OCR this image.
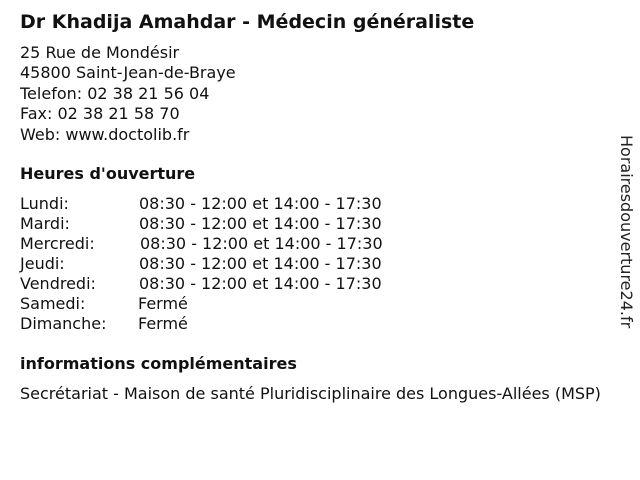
Dr Khadija Amahdar - Médecin généraliste
25 Rue de Mondésir
45800 Saint-Jean-de-Braye
Telefon: 02 38 21 56 04
Fax: 02 38 21 58 70
Web: www.doctolib.fr
Heures d'ouverture
Lundi:	08:30 - 12:00 et 14:00 - 17:30
Mardi:	08:30 - 12:00 et 14:00 - 17:30
Mercredi:	08:30 - 12:00 et 14:00 - 17:30
Jeudi:	08:30 - 12:00 et 14:00 - 17:30
Vendredi:	08:30 - 12:00 et 14:00 - 17:30
Samedi:	Fermé
Dimanche: Fermé
informations complémentaires
Secrétariat - Maison de santé Pluridisciplinaire des Longues-Allées (MSP)
Horairesdouverture24.fr
